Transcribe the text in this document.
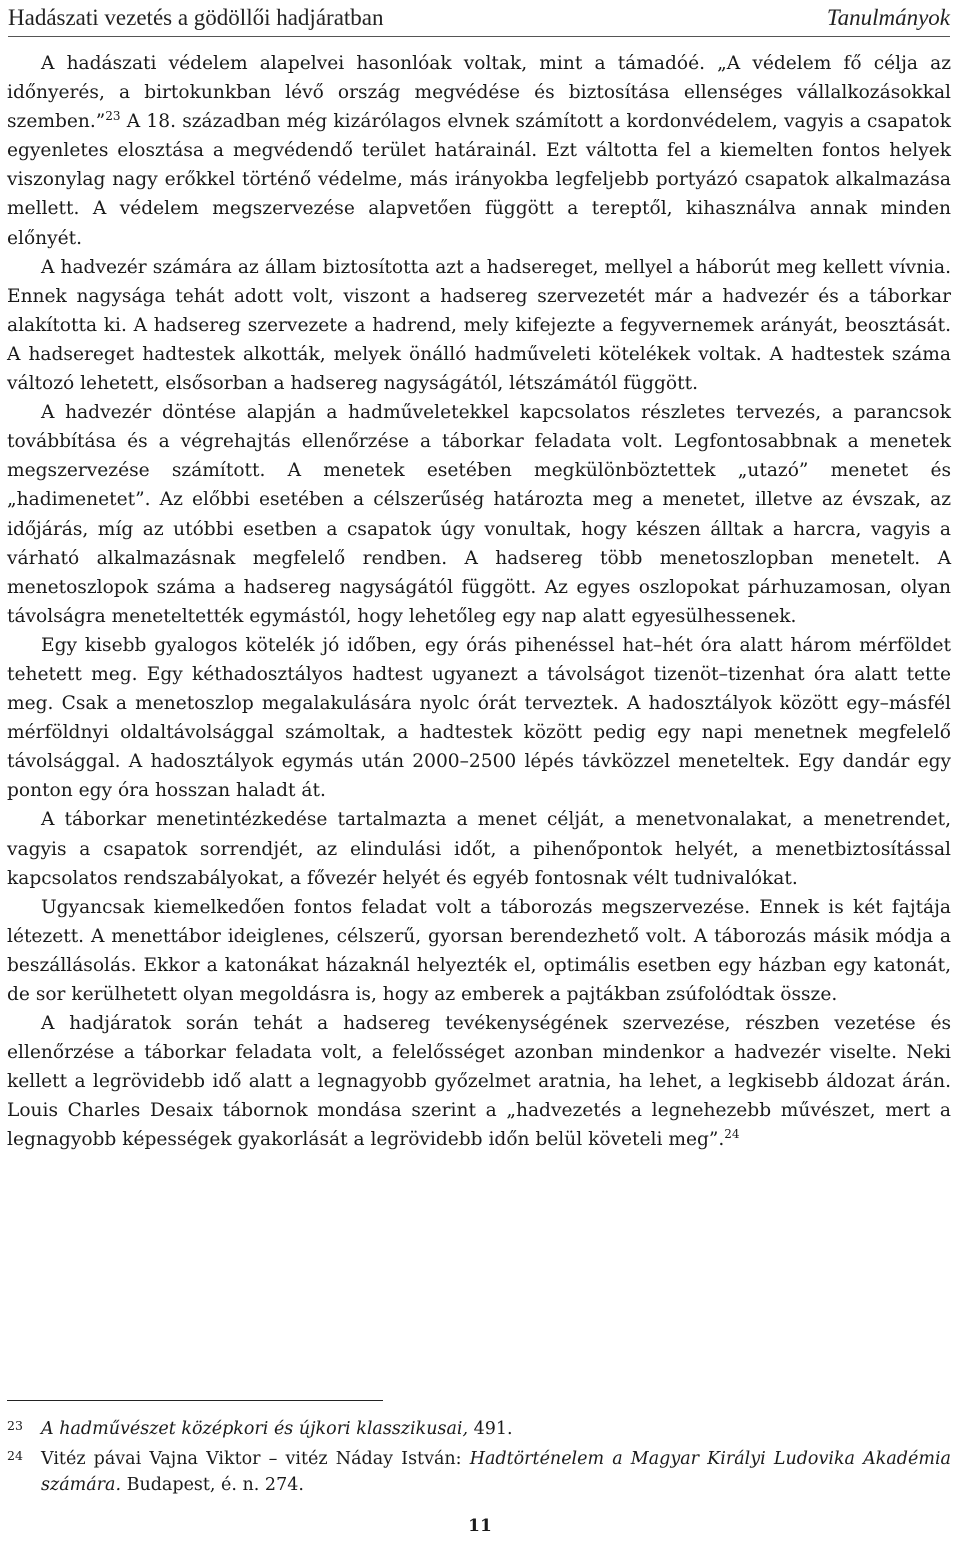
Hadászati vezetés a gödöllői hadjáratban	Tanulmányok

A hadászati védelem alapelvei hasonlóak voltak, mint a támadóé. „A védelem fő célja az időnyerés, a birtokunkban lévő ország megvédése és biztosítása ellenséges vállalkozásokkal szemben.”$^{23}$ A 18. században még kizárólagos elvnek számított a kordonvédelem, vagyis a csapatok egyenletes elosztása a megvédendő terület határainál. Ezt váltotta fel a kiemelten fontos helyek viszonylag nagy erőkkel történő védelme, más irányokba legfeljebb portyázó csapatok alkalmazása mellett. A védelem megszervezése alapvetően függött a tereptől, kihasználva annak minden előnyét.

A hadvezér számára az állam biztosította azt a hadsereget, mellyel a háborút meg kellett vívnia. Ennek nagysága tehát adott volt, viszont a hadsereg szervezetét már a hadvezér és a táborkar alakította ki. A hadsereg szervezete a hadrend, mely kifejezte a fegyvernemek arányát, beosztását. A hadsereget hadtestek alkották, melyek önálló hadműveleti kötelékek voltak. A hadtestek száma változó lehetett, elsősorban a hadsereg nagyságától, létszámától függött.

A hadvezér döntése alapján a hadműveletekkel kapcsolatos részletes tervezés, a parancsok továbbítása és a végrehajtás ellenőrzése a táborkar feladata volt. Legfontosabbnak a menetek megszervezése számított. A menetek esetében megkülönböztettek „utazó” menetet és „hadimenetet”. Az előbbi esetében a célszerűség határozta meg a menetet, illetve az évszak, az időjárás, míg az utóbbi esetben a csapatok úgy vonultak, hogy készen álltak a harcra, vagyis a várható alkalmazásnak megfelelő rendben. A hadsereg több menetoszlopban menetelt. A menetoszlopok száma a hadsereg nagyságától függött. Az egyes oszlopokat párhuzamosan, olyan távolságra meneteltették egymástól, hogy lehetőleg egy nap alatt egyesülhessenek.

Egy kisebb gyalogos kötelék jó időben, egy órás pihenéssel hat–hét óra alatt három mérföldet tehetett meg. Egy kéthadosztályos hadtest ugyanezt a távolságot tizenöt–tizenhat óra alatt tette meg. Csak a menetoszlop megalakulására nyolc órát terveztek. A hadosztályok között egy–másfél mérföldnyi oldaltávolsággal számoltak, a hadtestek között pedig egy napi menetnek megfelelő távolsággal. A hadosztályok egymás után 2000–2500 lépés távközzel meneteltek. Egy dandár egy ponton egy óra hosszan haladt át.

A táborkar menetintézkedése tartalmazta a menet célját, a menetvonalakat, a menetrendet, vagyis a csapatok sorrendjét, az elindulási időt, a pihenőpontok helyét, a menetbiztosítással kapcsolatos rendszabályokat, a fővezér helyét és egyéb fontosnak vélt tudnivalókat.

Ugyancsak kiemelkedően fontos feladat volt a táborozás megszervezése. Ennek is két fajtája létezett. A menettábor ideiglenes, célszerű, gyorsan berendezhető volt. A táborozás másik módja a beszállásolás. Ekkor a katonákat házaknál helyezték el, optimális esetben egy házban egy katonát, de sor kerülhetett olyan megoldásra is, hogy az emberek a pajtákban zsúfolódtak össze.

A hadjáratok során tehát a hadsereg tevékenységének szervezése, részben vezetése és ellenőrzése a táborkar feladata volt, a felelősséget azonban mindenkor a hadvezér viselte. Neki kellett a legrövidebb idő alatt a legnagyobb győzelmet aratnia, ha lehet, a legkisebb áldozat árán. Louis Charles Desaix tábornok mondása szerint a „hadvezetés a legnehezebb művészet, mert a legnagyobb képességek gyakorlását a legrövidebb időn belül követeli meg”.$^{24}$

23	A hadművészet középkori és újkori klasszikusai, 491.
24	Vitéz pávai Vajna Viktor – vitéz Náday István: Hadtörténelem a Magyar Királyi Ludovika Akadémia számára. Budapest, é. n. 274.
11
